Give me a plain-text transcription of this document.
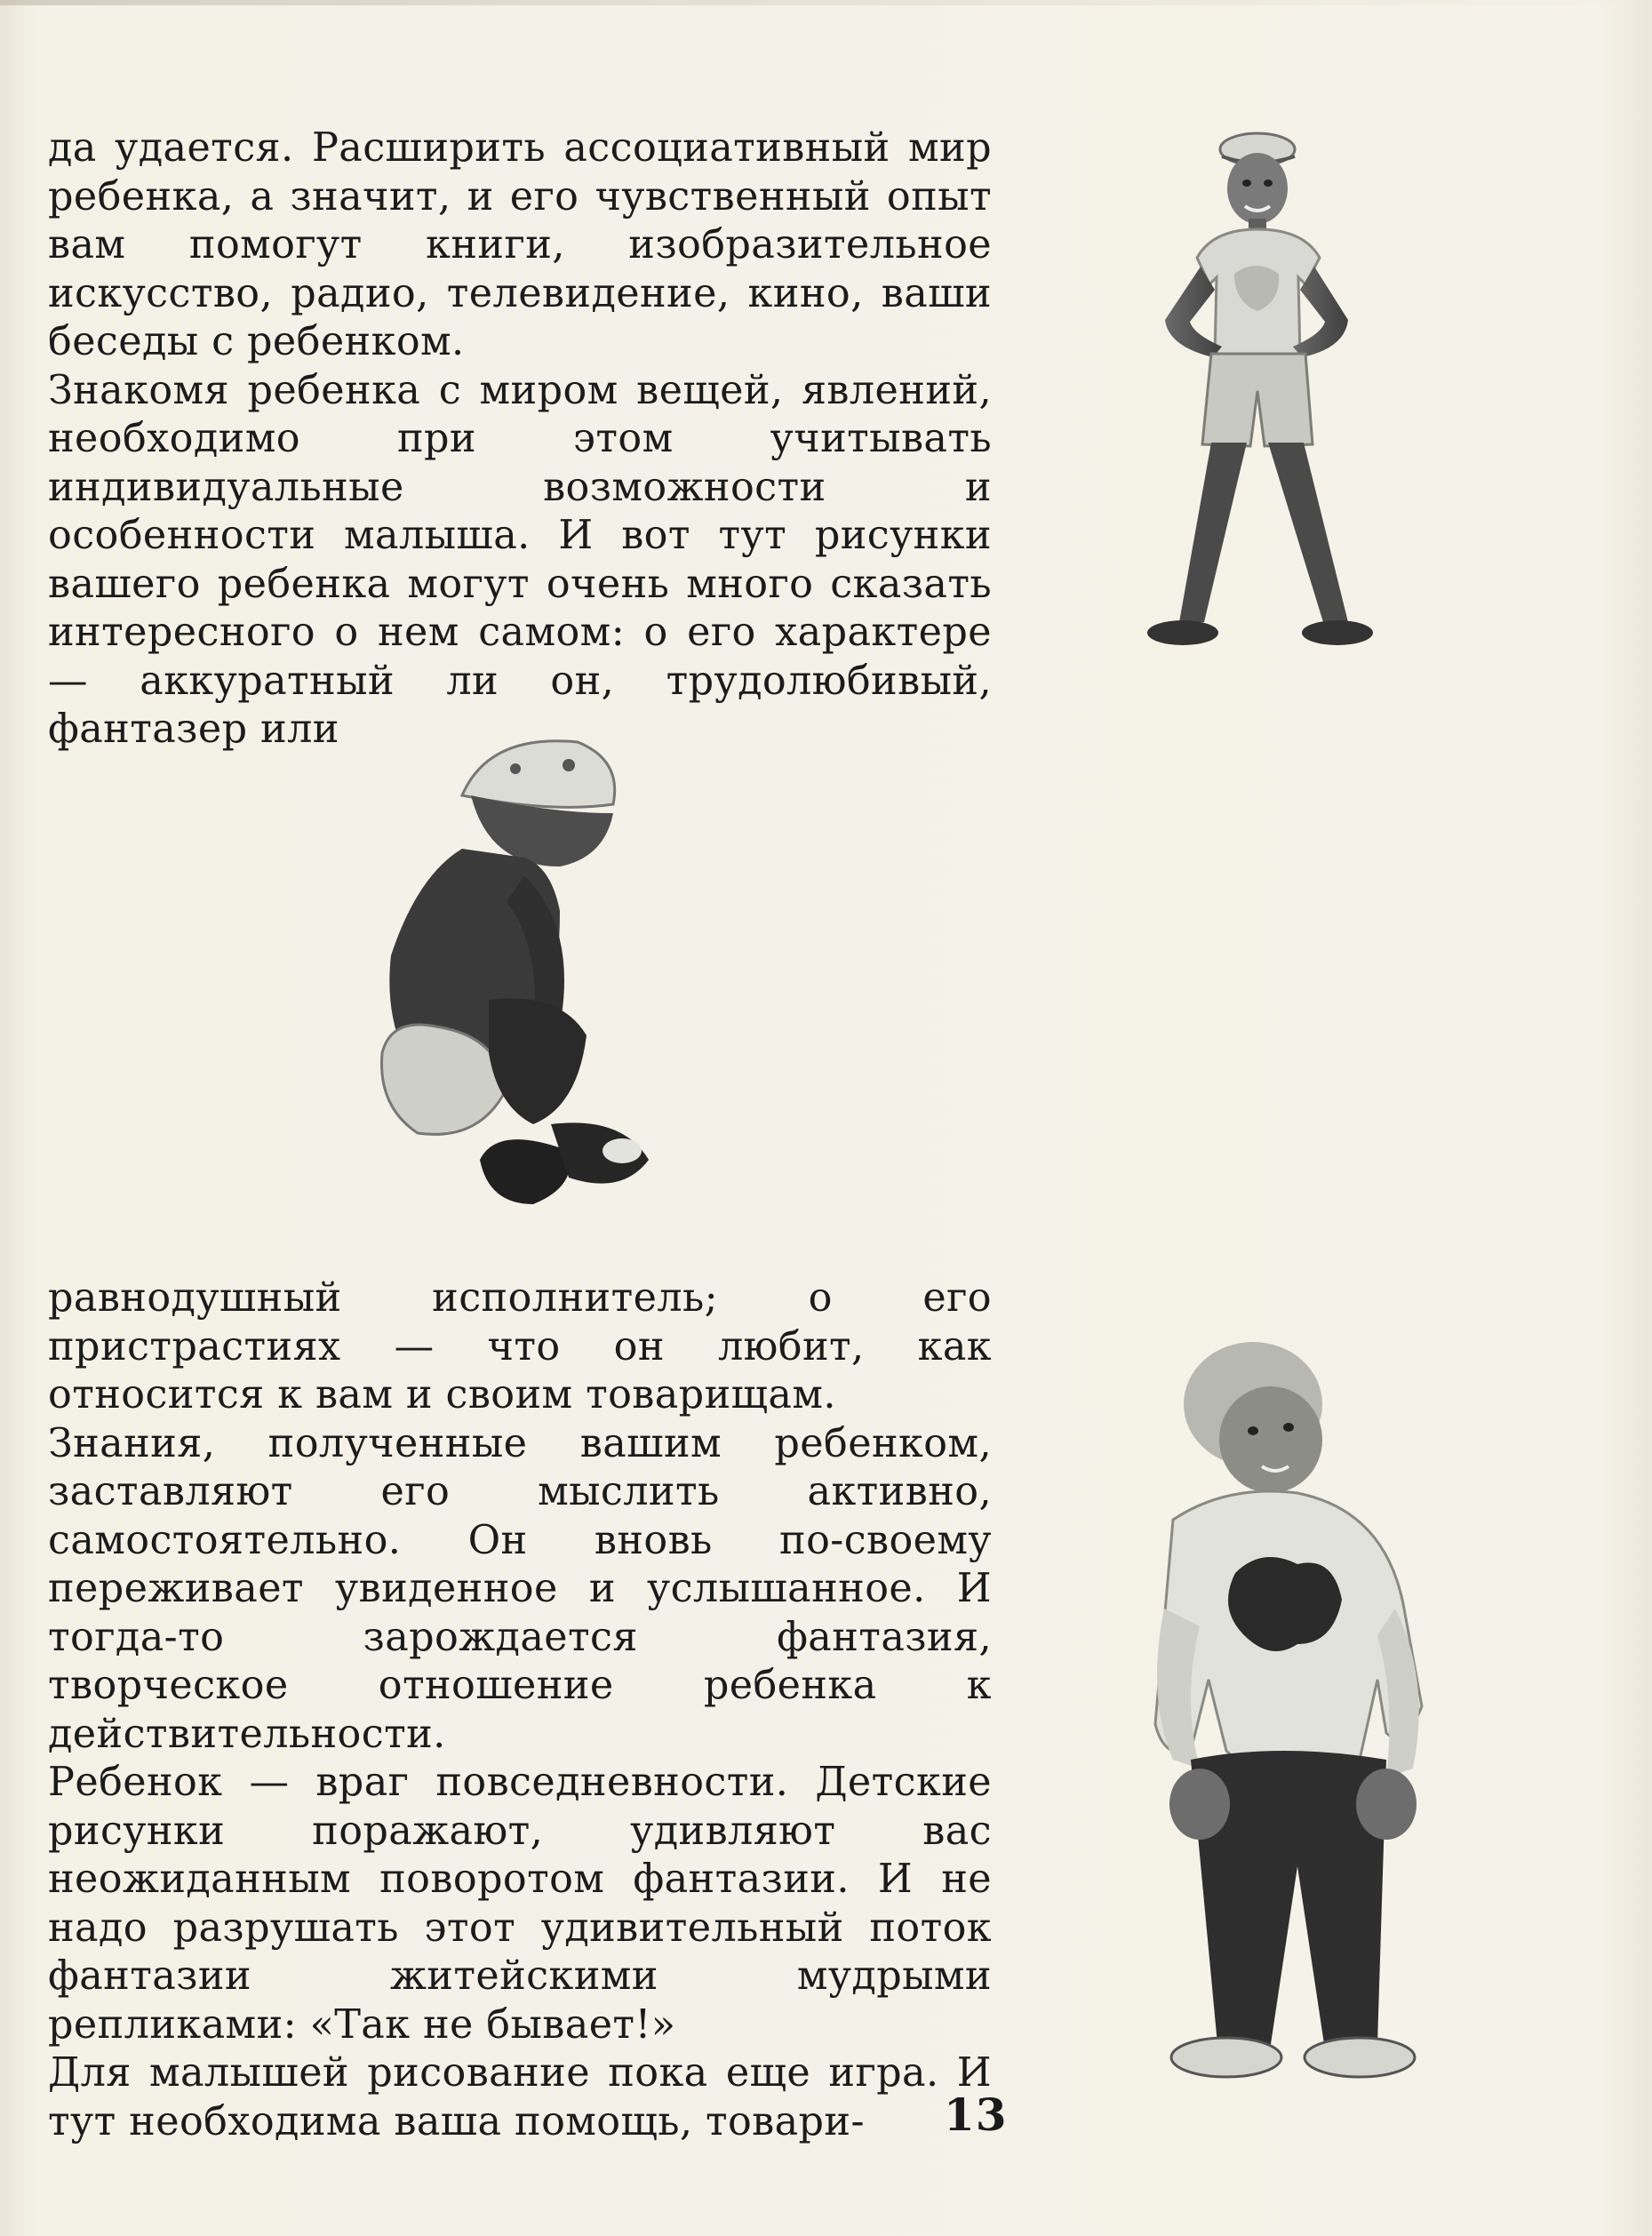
да удается. Расширить ассоциативный мир ребенка, а значит, и его чувственный опыт вам помогут книги, изобразительное искусство, радио, телевидение, кино, ваши беседы с ребенком.

Знакомя ребенка с миром вещей, явлений, необходимо при этом учитывать индивидуальные возможности и особенности малыша. И вот тут рисунки вашего ребенка могут очень много сказать интересного о нем самом: о его характере — аккуратный ли он, трудолюбивый, фантазер или

равнодушный исполнитель; о его пристрастиях — что он любит, как относится к вам и своим товарищам.

Знания, полученные вашим ребенком, заставляют его мыслить активно, самостоятельно. Он вновь по-своему переживает увиденное и услышанное. И тогда-то зарождается фантазия, творческое отношение ребенка к действительности.

Ребенок — враг повседневности. Детские рисунки поражают, удивляют вас неожиданным поворотом фантазии. И не надо разрушать этот удивительный поток фантазии житейскими мудрыми репликами: «Так не бывает!»

Для малышей рисование пока еще игра. И тут необходима ваша помощь, товари-	13
